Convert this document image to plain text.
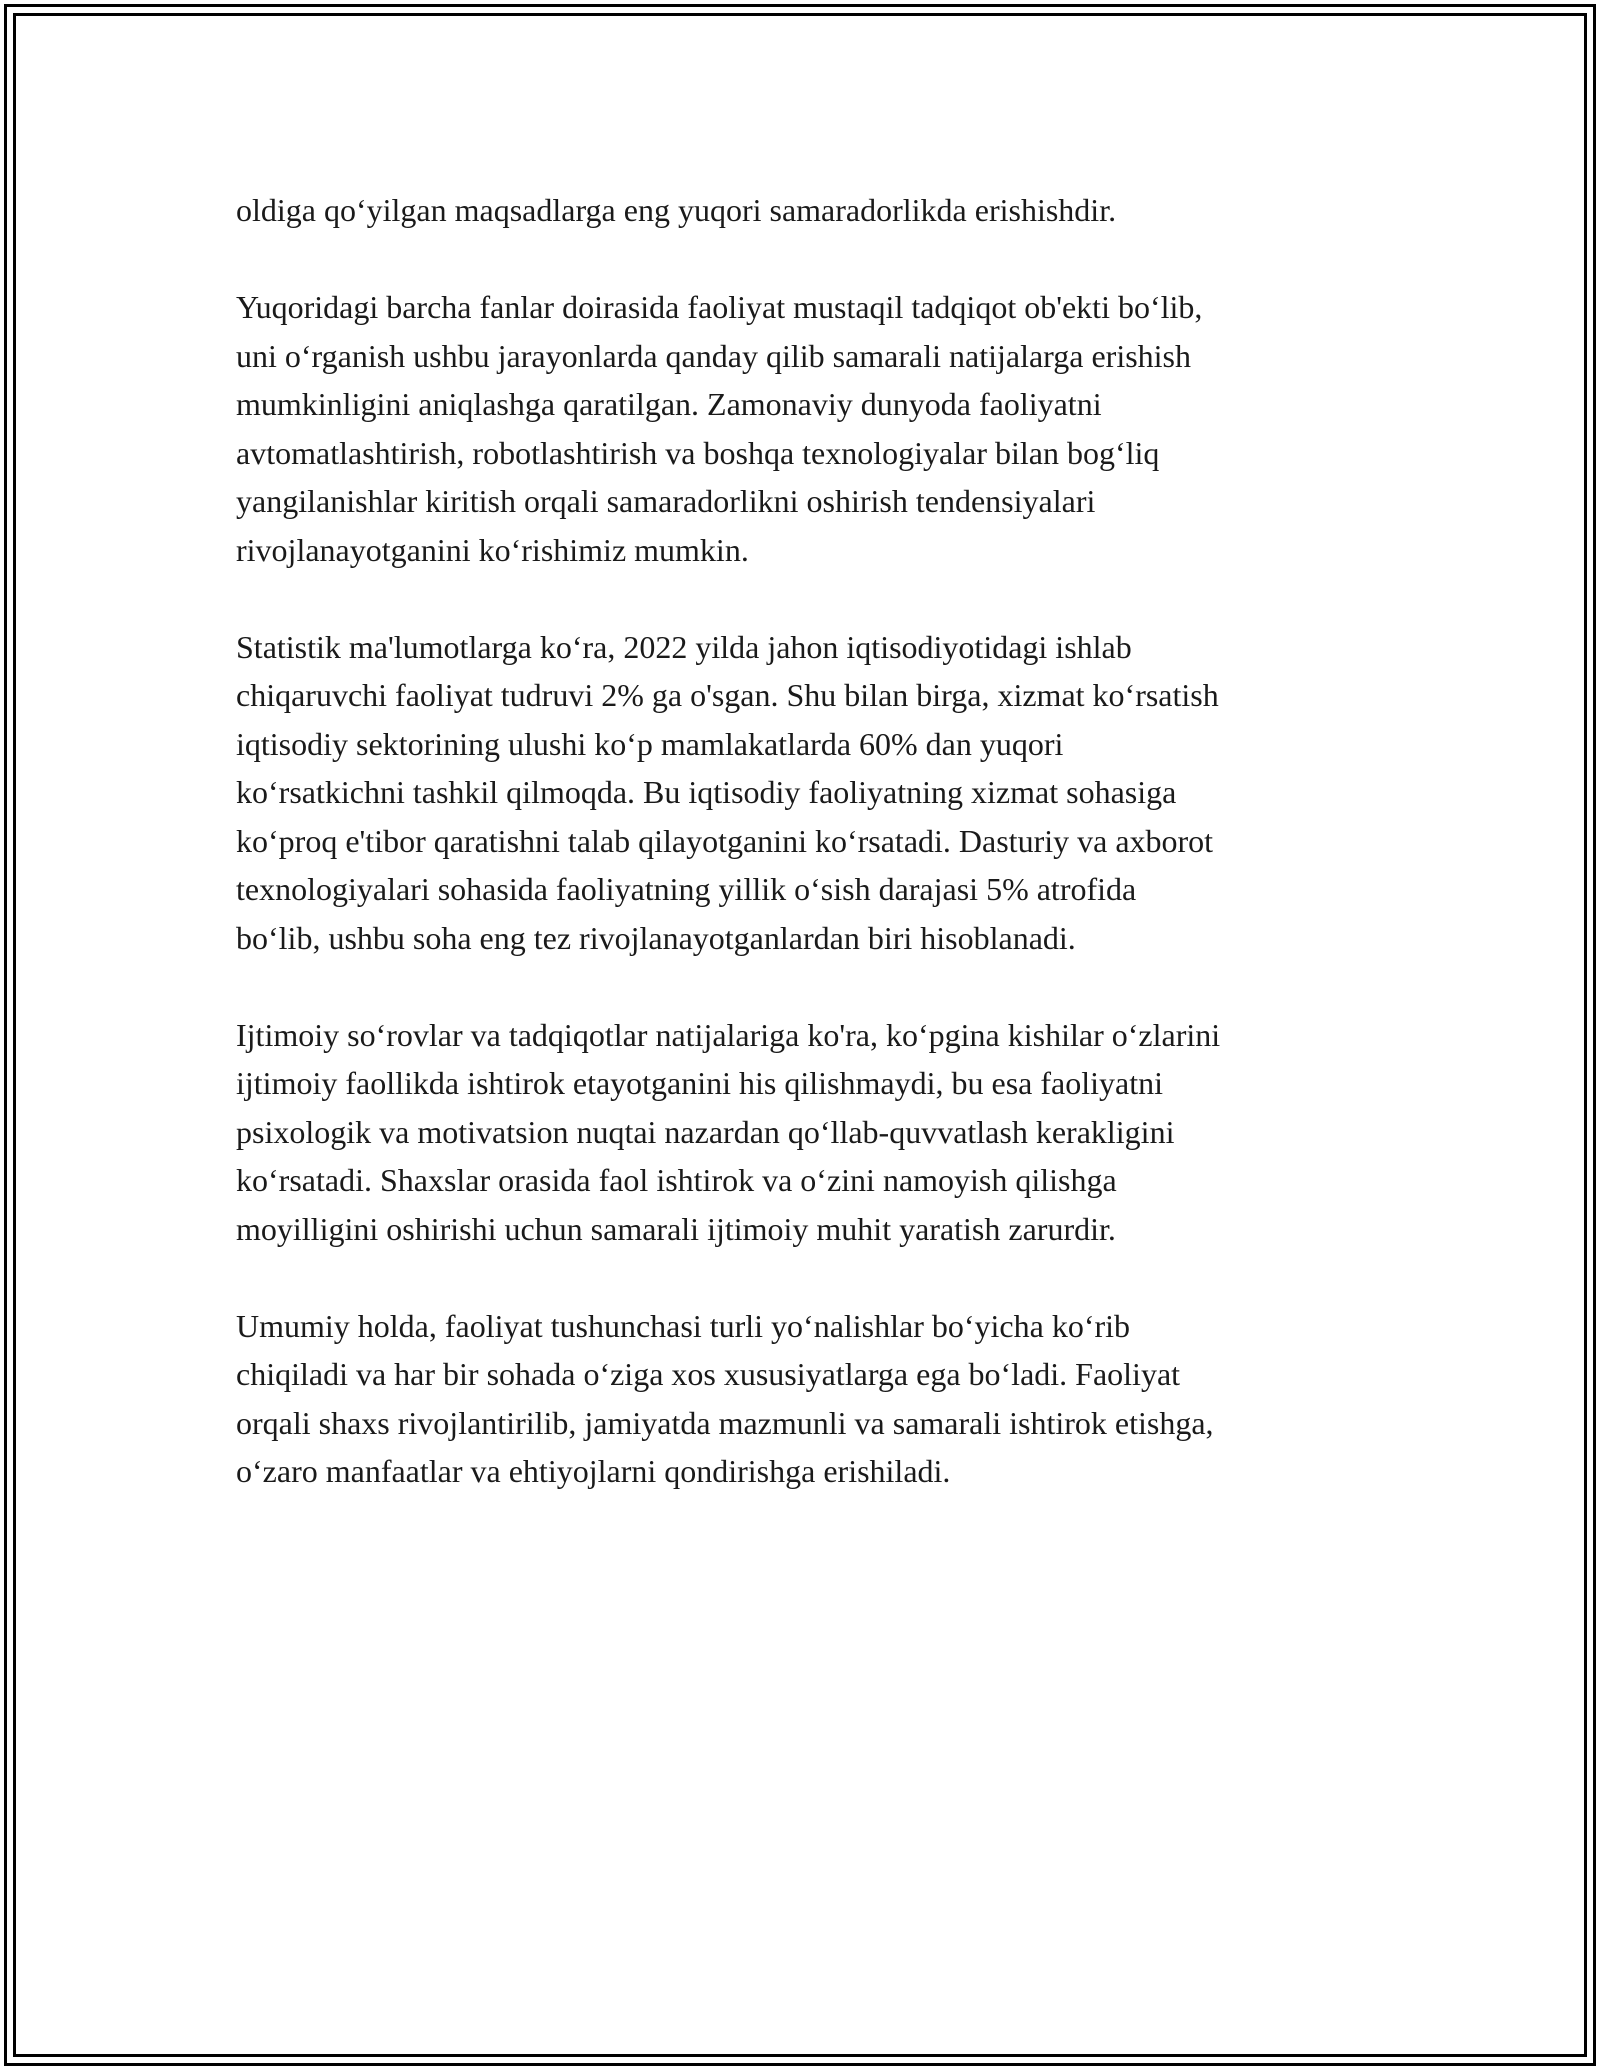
oldiga qo‘yilgan maqsadlarga eng yuqori samaradorlikda erishishdir.

Yuqoridagi barcha fanlar doirasida faoliyat mustaqil tadqiqot ob'ekti bo‘lib,
uni o‘rganish ushbu jarayonlarda qanday qilib samarali natijalarga erishish
mumkinligini aniqlashga qaratilgan. Zamonaviy dunyoda faoliyatni
avtomatlashtirish, robotlashtirish va boshqa texnologiyalar bilan bog‘liq
yangilanishlar kiritish orqali samaradorlikni oshirish tendensiyalari
rivojlanayotganini ko‘rishimiz mumkin.

Statistik ma'lumotlarga ko‘ra, 2022 yilda jahon iqtisodiyotidagi ishlab
chiqaruvchi faoliyat tudruvi 2% ga o'sgan. Shu bilan birga, xizmat ko‘rsatish
iqtisodiy sektorining ulushi ko‘p mamlakatlarda 60% dan yuqori
ko‘rsatkichni tashkil qilmoqda. Bu iqtisodiy faoliyatning xizmat sohasiga
ko‘proq e'tibor qaratishni talab qilayotganini ko‘rsatadi. Dasturiy va axborot
texnologiyalari sohasida faoliyatning yillik o‘sish darajasi 5% atrofida
bo‘lib, ushbu soha eng tez rivojlanayotganlardan biri hisoblanadi.

Ijtimoiy so‘rovlar va tadqiqotlar natijalariga ko'ra, ko‘pgina kishilar o‘zlarini
ijtimoiy faollikda ishtirok etayotganini his qilishmaydi, bu esa faoliyatni
psixologik va motivatsion nuqtai nazardan qo‘llab-quvvatlash kerakligini
ko‘rsatadi. Shaxslar orasida faol ishtirok va o‘zini namoyish qilishga
moyilligini oshirishi uchun samarali ijtimoiy muhit yaratish zarurdir.

Umumiy holda, faoliyat tushunchasi turli yo‘nalishlar bo‘yicha ko‘rib
chiqiladi va har bir sohada o‘ziga xos xususiyatlarga ega bo‘ladi. Faoliyat
orqali shaxs rivojlantirilib, jamiyatda mazmunli va samarali ishtirok etishga,
o‘zaro manfaatlar va ehtiyojlarni qondirishga erishiladi.
